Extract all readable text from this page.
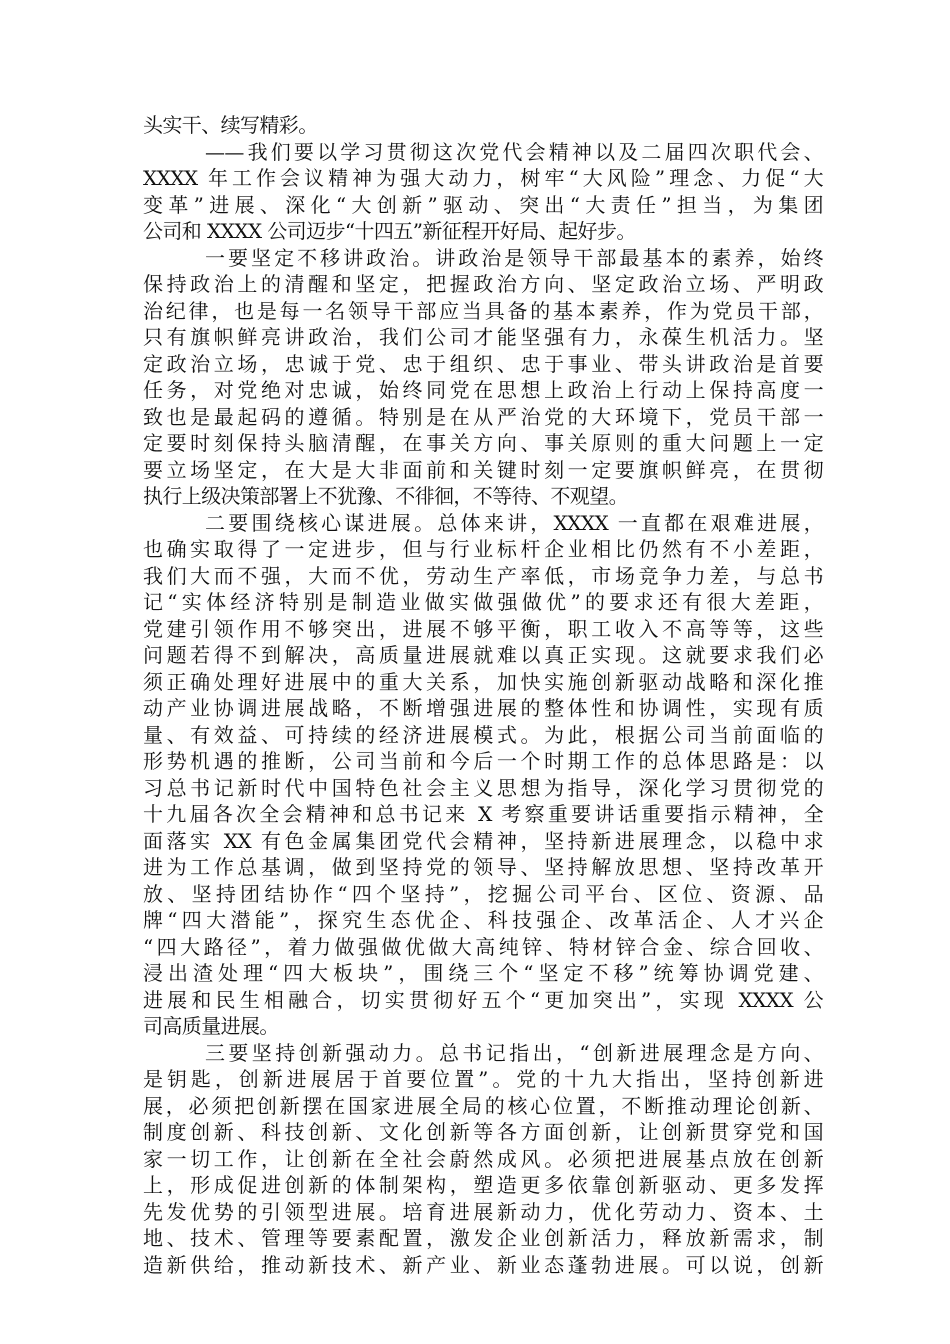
头实干、续写精彩。
——我们要以学习贯彻这次党代会精神以及二届四次职代会、
XXXX 年工作会议精神为强大动力，树牢“大风险”理念、力促“大
变革”进展、深化“大创新”驱动、突出“大责任”担当，为集团
公司和 XXXX 公司迈步“十四五”新征程开好局、起好步。
一要坚定不移讲政治。讲政治是领导干部最基本的素养，始终
保持政治上的清醒和坚定，把握政治方向、坚定政治立场、严明政
治纪律，也是每一名领导干部应当具备的基本素养，作为党员干部，
只有旗帜鲜亮讲政治，我们公司才能坚强有力，永葆生机活力。坚
定政治立场，忠诚于党、忠于组织、忠于事业、带头讲政治是首要
任务，对党绝对忠诚，始终同党在思想上政治上行动上保持高度一
致也是最起码的遵循。特别是在从严治党的大环境下，党员干部一
定要时刻保持头脑清醒，在事关方向、事关原则的重大问题上一定
要立场坚定，在大是大非面前和关键时刻一定要旗帜鲜亮，在贯彻
执行上级决策部署上不犹豫、不徘徊，不等待、不观望。
二要围绕核心谋进展。总体来讲，XXXX 一直都在艰难进展，
也确实取得了一定进步，但与行业标杆企业相比仍然有不小差距，
我们大而不强，大而不优，劳动生产率低，市场竞争力差，与总书
记“实体经济特别是制造业做实做强做优”的要求还有很大差距，
党建引领作用不够突出，进展不够平衡，职工收入不高等等，这些
问题若得不到解决，高质量进展就难以真正实现。这就要求我们必
须正确处理好进展中的重大关系，加快实施创新驱动战略和深化推
动产业协调进展战略，不断增强进展的整体性和协调性，实现有质
量、有效益、可持续的经济进展模式。为此，根据公司当前面临的
形势机遇的推断，公司当前和今后一个时期工作的总体思路是：以
习总书记新时代中国特色社会主义思想为指导，深化学习贯彻党的
十九届各次全会精神和总书记来 X 考察重要讲话重要指示精神，全
面落实 XX 有色金属集团党代会精神，坚持新进展理念，以稳中求
进为工作总基调，做到坚持党的领导、坚持解放思想、坚持改革开
放、坚持团结协作“四个坚持”，挖掘公司平台、区位、资源、品
牌“四大潜能”，探究生态优企、科技强企、改革活企、人才兴企
“四大路径”，着力做强做优做大高纯锌、特材锌合金、综合回收、
浸出渣处理“四大板块”，围绕三个“坚定不移”统筹协调党建、
进展和民生相融合，切实贯彻好五个“更加突出”，实现 XXXX 公
司高质量进展。
三要坚持创新强动力。总书记指出，“创新进展理念是方向、
是钥匙，创新进展居于首要位置”。党的十九大指出，坚持创新进
展，必须把创新摆在国家进展全局的核心位置，不断推动理论创新、
制度创新、科技创新、文化创新等各方面创新，让创新贯穿党和国
家一切工作，让创新在全社会蔚然成风。必须把进展基点放在创新
上，形成促进创新的体制架构，塑造更多依靠创新驱动、更多发挥
先发优势的引领型进展。培育进展新动力，优化劳动力、资本、土
地、技术、管理等要素配置，激发企业创新活力，释放新需求，制
造新供给，推动新技术、新产业、新业态蓬勃进展。可以说，创新
